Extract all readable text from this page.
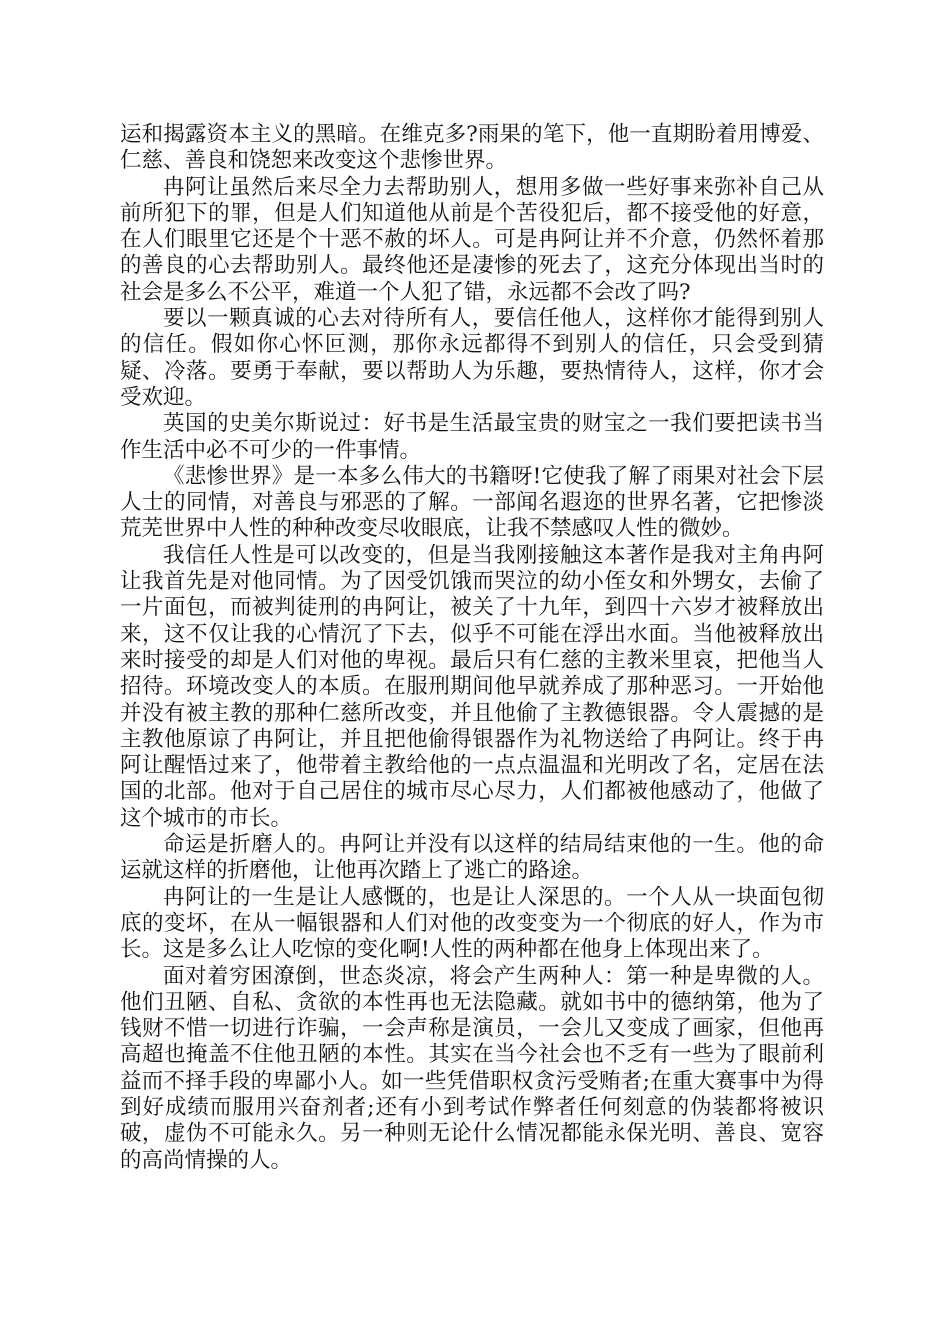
运和揭露资本主义的黑暗。在维克多?雨果的笔下，他一直期盼着用博爱、仁慈、善良和饶恕来改变这个悲惨世界。

冉阿让虽然后来尽全力去帮助别人，想用多做一些好事来弥补自己从前所犯下的罪，但是人们知道他从前是个苦役犯后，都不接受他的好意，在人们眼里它还是个十恶不赦的坏人。可是冉阿让并不介意，仍然怀着那的善良的心去帮助别人。最终他还是凄惨的死去了，这充分体现出当时的社会是多么不公平，难道一个人犯了错，永远都不会改了吗?

要以一颗真诚的心去对待所有人，要信任他人，这样你才能得到别人的信任。假如你心怀叵测，那你永远都得不到别人的信任，只会受到猜疑、冷落。要勇于奉献，要以帮助人为乐趣，要热情待人，这样，你才会受欢迎。

英国的史美尔斯说过：好书是生活最宝贵的财宝之一我们要把读书当作生活中必不可少的一件事情。

《悲惨世界》是一本多么伟大的书籍呀!它使我了解了雨果对社会下层人士的同情，对善良与邪恶的了解。一部闻名遐迩的世界名著，它把惨淡荒芜世界中人性的种种改变尽收眼底，让我不禁感叹人性的微妙。

我信任人性是可以改变的，但是当我刚接触这本著作是我对主角冉阿让我首先是对他同情。为了因受饥饿而哭泣的幼小侄女和外甥女，去偷了一片面包，而被判徒刑的冉阿让，被关了十九年，到四十六岁才被释放出来，这不仅让我的心情沉了下去，似乎不可能在浮出水面。当他被释放出来时接受的却是人们对他的卑视。最后只有仁慈的主教米里哀，把他当人招待。环境改变人的本质。在服刑期间他早就养成了那种恶习。一开始他并没有被主教的那种仁慈所改变，并且他偷了主教德银器。令人震撼的是主教他原谅了冉阿让，并且把他偷得银器作为礼物送给了冉阿让。终于冉阿让醒悟过来了，他带着主教给他的一点点温温和光明改了名，定居在法国的北部。他对于自己居住的城市尽心尽力，人们都被他感动了，他做了这个城市的市长。

命运是折磨人的。冉阿让并没有以这样的结局结束他的一生。他的命运就这样的折磨他，让他再次踏上了逃亡的路途。

冉阿让的一生是让人感慨的，也是让人深思的。一个人从一块面包彻底的变坏，在从一幅银器和人们对他的改变变为一个彻底的好人，作为市长。这是多么让人吃惊的变化啊!人性的两种都在他身上体现出来了。

面对着穷困潦倒，世态炎凉，将会产生两种人：第一种是卑微的人。他们丑陋、自私、贪欲的本性再也无法隐藏。就如书中的德纳第，他为了钱财不惜一切进行诈骗，一会声称是演员，一会儿又变成了画家，但他再高超也掩盖不住他丑陋的本性。其实在当今社会也不乏有一些为了眼前利益而不择手段的卑鄙小人。如一些凭借职权贪污受贿者;在重大赛事中为得到好成绩而服用兴奋剂者;还有小到考试作弊者任何刻意的伪装都将被识破，虚伪不可能永久。另一种则无论什么情况都能永保光明、善良、宽容的高尚情操的人。
